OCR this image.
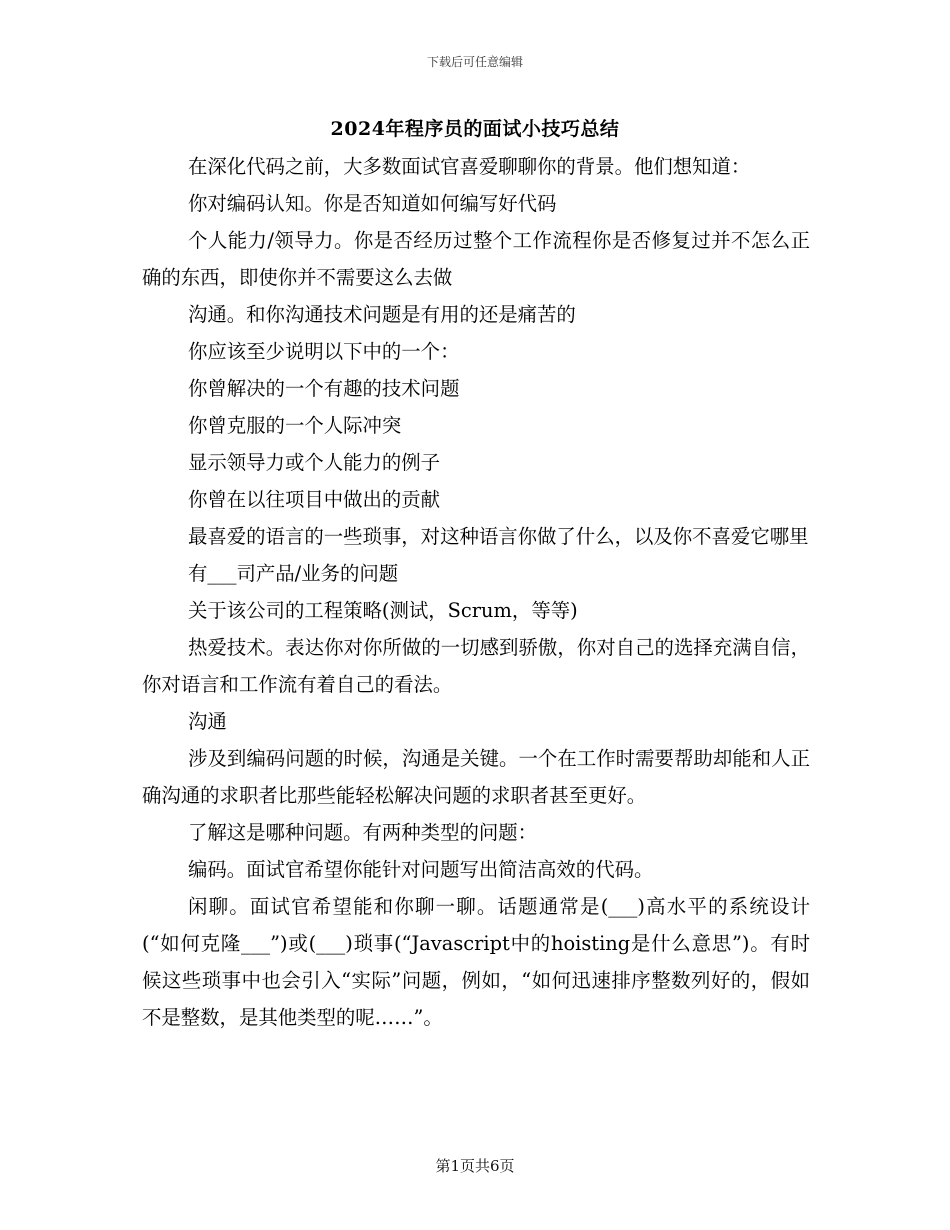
下载后可任意编辑
2024年程序员的面试小技巧总结

在深化代码之前，大多数面试官喜爱聊聊你的背景。他们想知道：

你对编码认知。你是否知道如何编写好代码

个人能力/领导力。你是否经历过整个工作流程你是否修复过并不怎么正确的东西，即使你并不需要这么去做

沟通。和你沟通技术问题是有用的还是痛苦的

你应该至少说明以下中的一个：

你曾解决的一个有趣的技术问题

你曾克服的一个人际冲突

显示领导力或个人能力的例子

你曾在以往项目中做出的贡献

最喜爱的语言的一些琐事，对这种语言你做了什么，以及你不喜爱它哪里

有___司产品/业务的问题

关于该公司的工程策略(测试，Scrum，等等)

热爱技术。表达你对你所做的一切感到骄傲，你对自己的选择充满自信，你对语言和工作流有着自己的看法。

沟通

涉及到编码问题的时候，沟通是关键。一个在工作时需要帮助却能和人正确沟通的求职者比那些能轻松解决问题的求职者甚至更好。

了解这是哪种问题。有两种类型的问题：

编码。面试官希望你能针对问题写出简洁高效的代码。

闲聊。面试官希望能和你聊一聊。话题通常是(___)高水平的系统设计(“如何克隆___”)或(___)琐事(“Javascript中的hoisting是什么意思”)。有时候这些琐事中也会引入“实际”问题，例如，“如何迅速排序整数列好的，假如不是整数，是其他类型的呢……”。

第1页共6页
